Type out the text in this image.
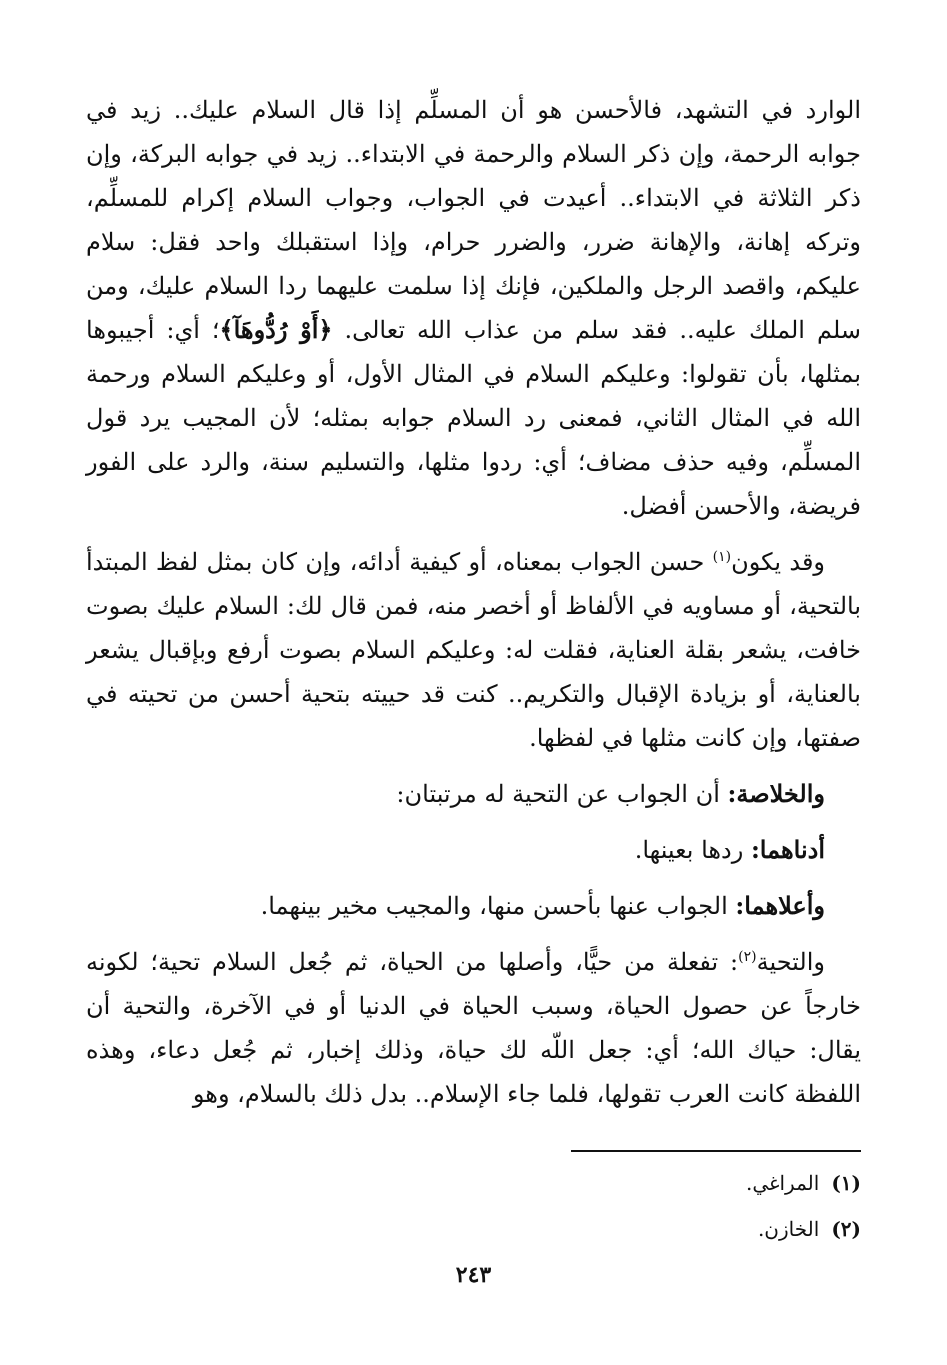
الوارد في التشهد، فالأحسن هو أن المسلِّم إذا قال السلام عليك.. زيد في جوابه الرحمة، وإن ذكر السلام والرحمة في الابتداء.. زيد في جوابه البركة، وإن ذكر الثلاثة في الابتداء.. أعيدت في الجواب، وجواب السلام إكرام للمسلِّم، وتركه إهانة، والإهانة ضرر، والضرر حرام، وإذا استقبلك واحد فقل: سلام عليكم، واقصد الرجل والملكين، فإنك إذا سلمت عليهما ردا السلام عليك، ومن سلم الملك عليه.. فقد سلم من عذاب الله تعالى. ﴿أَوْ رُدُّوهَآ﴾؛ أي: أجيبوها بمثلها، بأن تقولوا: وعليكم السلام في المثال الأول، أو وعليكم السلام ورحمة الله في المثال الثاني، فمعنى رد السلام جوابه بمثله؛ لأن المجيب يرد قول المسلِّم، وفيه حذف مضاف؛ أي: ردوا مثلها، والتسليم سنة، والرد على الفور فريضة، والأحسن أفضل.

وقد يكون$^{(١)}$ حسن الجواب بمعناه، أو كيفية أدائه، وإن كان بمثل لفظ المبتدأ بالتحية، أو مساويه في الألفاظ أو أخصر منه، فمن قال لك: السلام عليك بصوت خافت، يشعر بقلة العناية، فقلت له: وعليكم السلام بصوت أرفع وبإقبال يشعر بالعناية، أو بزيادة الإقبال والتكريم.. كنت قد حييته بتحية أحسن من تحيته في صفتها، وإن كانت مثلها في لفظها.

والخلاصة: أن الجواب عن التحية له مرتبتان:

أدناهما: ردها بعينها.

وأعلاهما: الجواب عنها بأحسن منها، والمجيب مخير بينهما.

والتحية$^{(٢)}$: تفعلة من حيًّا، وأصلها من الحياة، ثم جُعل السلام تحية؛ لكونه خارجاً عن حصول الحياة، وسبب الحياة في الدنيا أو في الآخرة، والتحية أن يقال: حياك الله؛ أي: جعل اللّه لك حياة، وذلك إخبار، ثم جُعل دعاء، وهذه اللفظة كانت العرب تقولها، فلما جاء الإسلام.. بدل ذلك بالسلام، وهو

(١)المراغي.
(٢)الخازن.
٢٤٣
